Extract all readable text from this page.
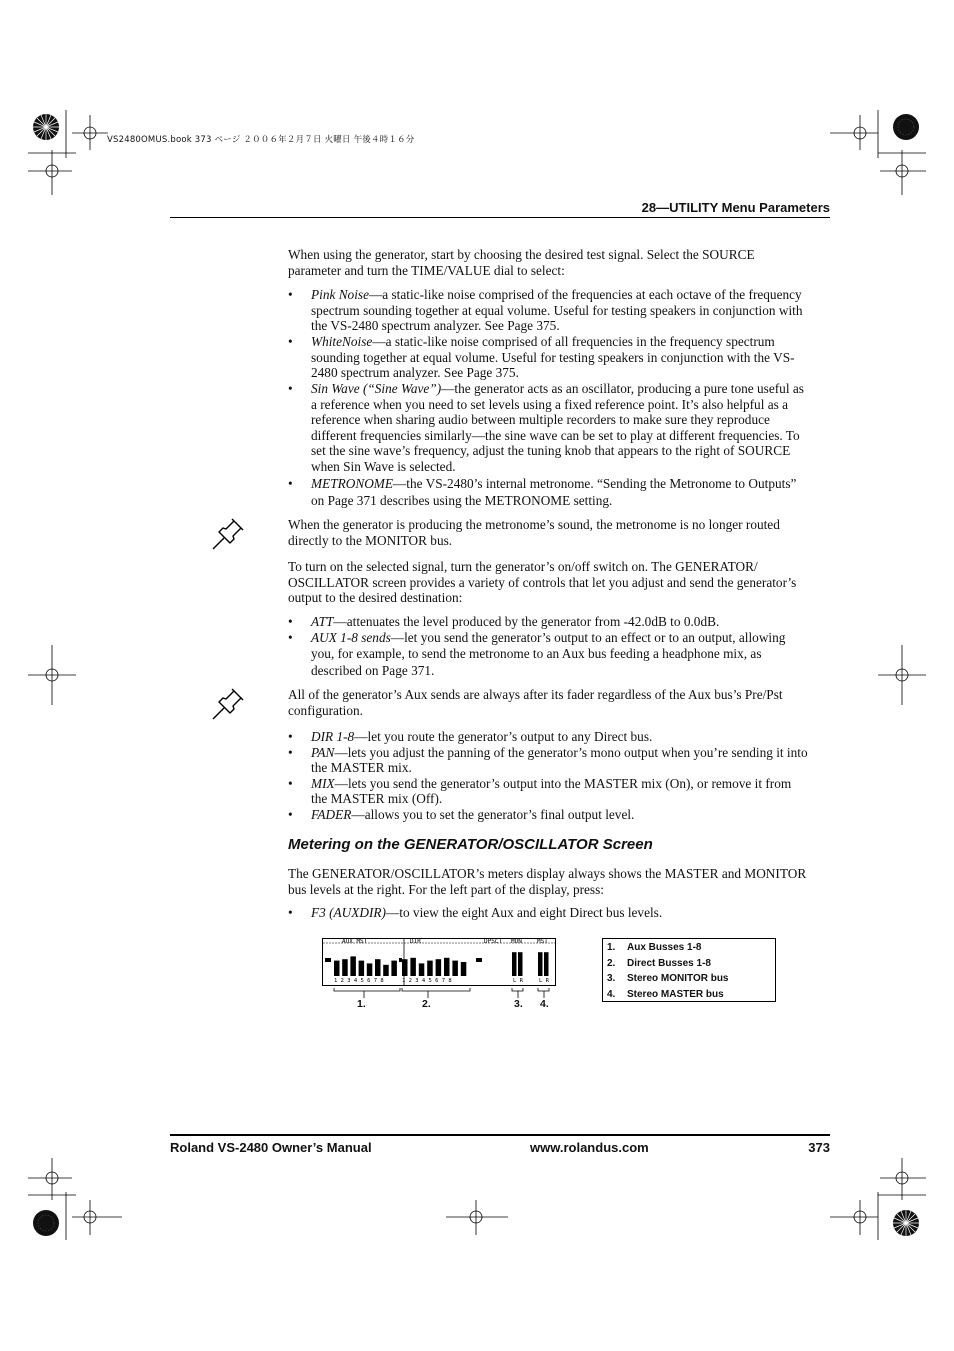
VS2480OMUS.book 373 ページ ２００６年２月７日 火曜日 午後４時１６分
28—UTILITY Menu Parameters

When using the generator, start by choosing the desired test signal. Select the SOURCE parameter and turn the TIME/VALUE dial to select:

• Pink Noise—a static-like noise comprised of the frequencies at each octave of the frequency spectrum sounding together at equal volume. Useful for testing speakers in conjunction with the VS-2480 spectrum analyzer. See Page 375.
• WhiteNoise—a static-like noise comprised of all frequencies in the frequency spectrum sounding together at equal volume. Useful for testing speakers in conjunction with the VS-2480 spectrum analyzer. See Page 375.
• Sin Wave (“Sine Wave”)—the generator acts as an oscillator, producing a pure tone useful as a reference when you need to set levels using a fixed reference point. It’s also helpful as a reference when sharing audio between multiple recorders to make sure they reproduce different frequencies similarly—the sine wave can be set to play at different frequencies. To set the sine wave’s frequency, adjust the tuning knob that appears to the right of SOURCE when Sin Wave is selected.
• METRONOME—the VS-2480’s internal metronome. “Sending the Metronome to Outputs” on Page 371 describes using the METRONOME setting.

When the generator is producing the metronome’s sound, the metronome is no longer routed directly to the MONITOR bus.

To turn on the selected signal, turn the generator’s on/off switch on. The GENERATOR/ OSCILLATOR screen provides a variety of controls that let you adjust and send the generator’s output to the desired destination:

• ATT—attenuates the level produced by the generator from -42.0dB to 0.0dB.
• AUX 1-8 sends—let you send the generator’s output to an effect or to an output, allowing you, for example, to send the metronome to an Aux bus feeding a headphone mix, as described on Page 371.

All of the generator’s Aux sends are always after its fader regardless of the Aux bus’s Pre/Pst configuration.

• DIR 1-8—let you route the generator’s output to any Direct bus.
• PAN—lets you adjust the panning of the generator’s mono output when you’re sending it into the MASTER mix.
• MIX—lets you send the generator’s output into the MASTER mix (On), or remove it from the MASTER mix (Off).
• FADER—allows you to set the generator’s final output level.
Metering on the GENERATOR/OSCILLATOR Screen

The GENERATOR/OSCILLATOR’s meters display always shows the MASTER and MONITOR bus levels at the right. For the left part of the display, press:

• F3 (AUXDIR)—to view the eight Aux and eight Direct bus levels.
AUX MST	DIR	DPSCT MON	MST
1 2 3 4 5 6 7 8	1 2 3 4 5 6 7 8	L R	L R
1.	2.	3. 4.
1. Aux Busses 1-8
2. Direct Busses 1-8
3. Stereo MONITOR bus
4. Stereo MASTER bus
Roland VS-2480 Owner’s Manual	www.rolandus.com	373
